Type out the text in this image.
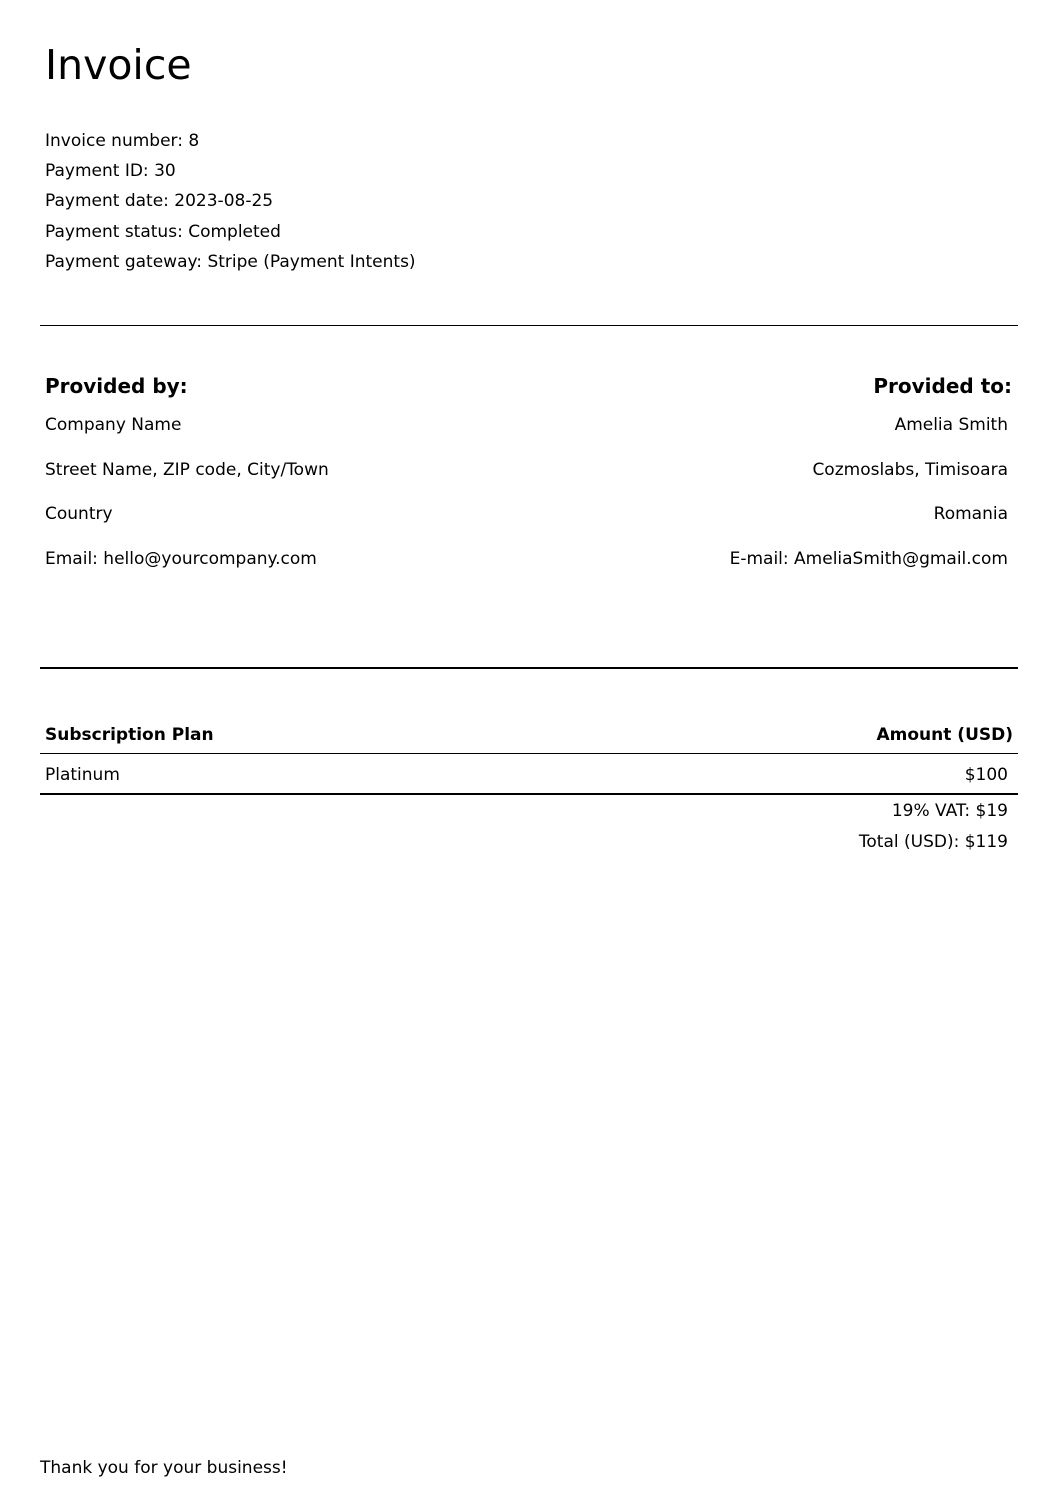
Invoice
Invoice number: 8
Payment ID: 30
Payment date: 2023-08-25
Payment status: Completed
Payment gateway: Stripe (Payment Intents)
Provided by:
Company Name
Street Name, ZIP code, City/Town
Country
Email: hello@yourcompany.com
Provided to:
Amelia Smith
Cozmoslabs, Timisoara
Romania
E-mail: AmeliaSmith@gmail.com
Subscription Plan	Amount (USD)
Platinum	$100
19% VAT: $19
Total (USD): $119
Thank you for your business!
